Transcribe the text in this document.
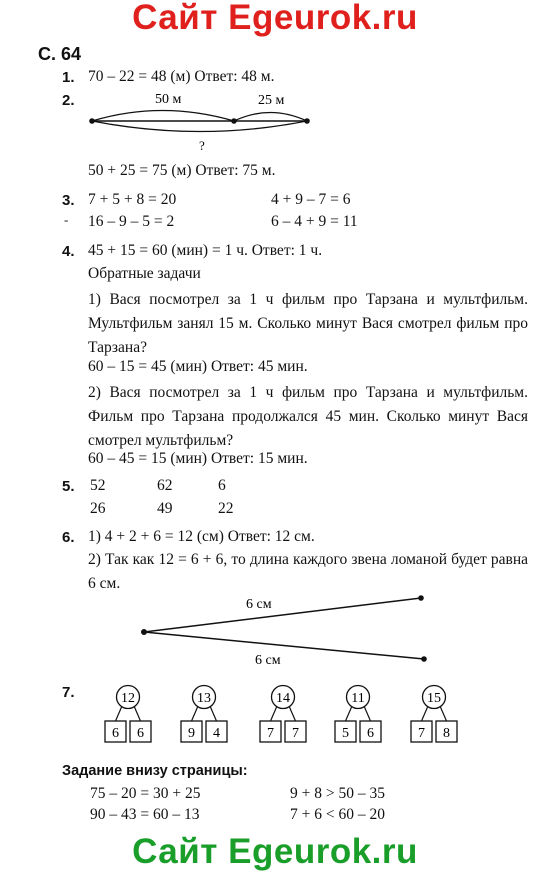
Сайт Egeurok.ru
Сайт Egeurok.ru
С. 64
1. 70 – 22 = 48 (м) Ответ: 48 м.
2.	50 м	25 м
?
6 см
6 см
12
6 6
13
9 4
14
7 7
11
5 6
15
7 8
50 + 25 = 75 (м) Ответ: 75 м.
3. 7 + 5 + 8 = 20	4 + 9 – 7 = 6
- 16 – 9 – 5 = 2	6 – 4 + 9 = 11
4. 45 + 15 = 60 (мин) = 1 ч. Ответ: 1 ч.
Обратные задачи
1) Вася посмотрел за 1 ч фильм про Тарзана и мультфильм. Мультфильм занял 15 м. Сколько минут Вася смотрел фильм про Тарзана?
60 – 15 = 45 (мин) Ответ: 45 мин.
2) Вася посмотрел за 1 ч фильм про Тарзана и мультфильм. Фильм про Тарзана продолжался 45 мин. Сколько минут Вася смотрел мультфильм?
60 – 45 = 15 (мин) Ответ: 15 мин.
5. 52	62	6
26	49	22
6. 1) 4 + 2 + 6 = 12 (см) Ответ: 12 см.
2) Так как 12 = 6 + 6, то длина каждого звена ломаной будет равна 6 см.
7.
Задание внизу страницы:
75 – 20 = 30 + 25	9 + 8 > 50 – 35
90 – 43 = 60 – 13	7 + 6 < 60 – 20
